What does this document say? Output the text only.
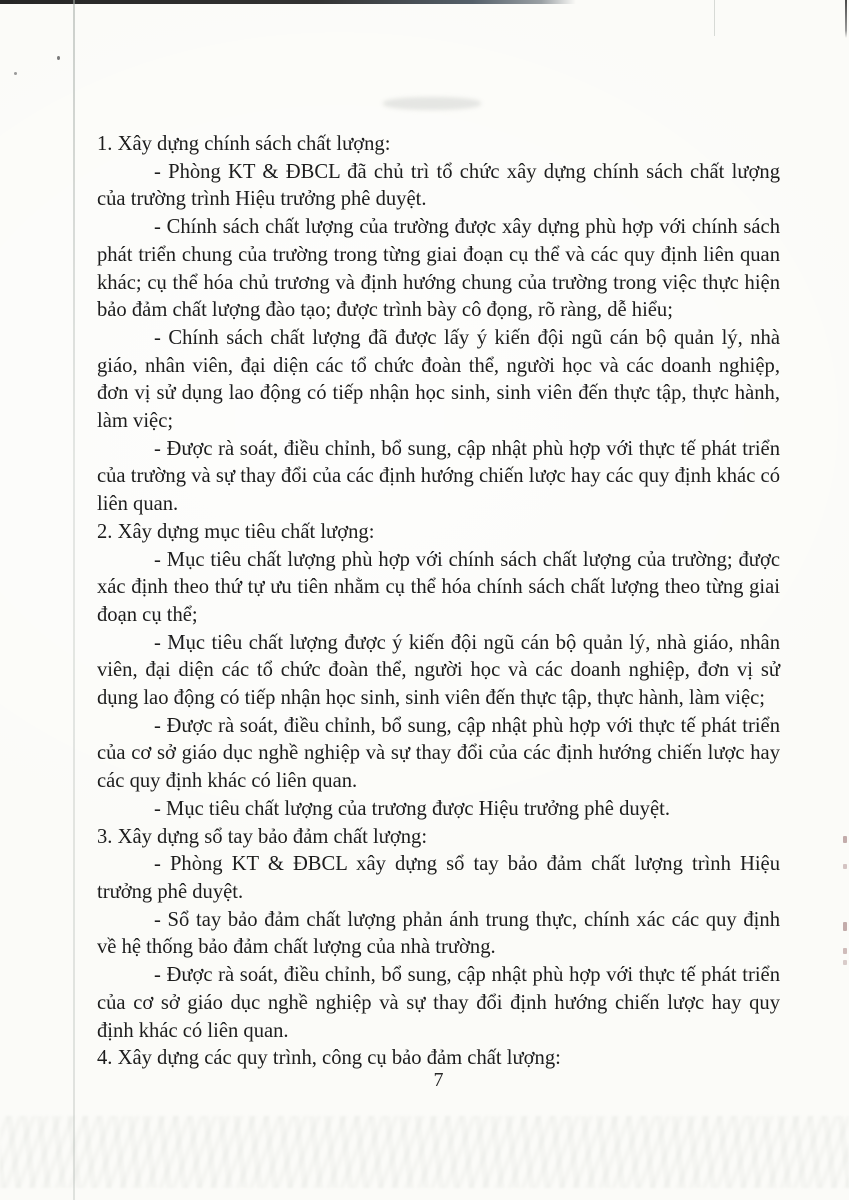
1. Xây dựng chính sách chất lượng:

- Phòng KT & ĐBCL đã chủ trì tổ chức xây dựng chính sách chất lượng của trường trình Hiệu trưởng phê duyệt.

- Chính sách chất lượng của trường được xây dựng phù hợp với chính sách phát triển chung của trường trong từng giai đoạn cụ thể và các quy định liên quan khác; cụ thể hóa chủ trương và định hướng chung của trường trong việc thực hiện bảo đảm chất lượng đào tạo; được trình bày cô đọng, rõ ràng, dễ hiểu;

- Chính sách chất lượng đã được lấy ý kiến đội ngũ cán bộ quản lý, nhà giáo, nhân viên, đại diện các tổ chức đoàn thể, người học và các doanh nghiệp, đơn vị sử dụng lao động có tiếp nhận học sinh, sinh viên đến thực tập, thực hành, làm việc;

- Được rà soát, điều chỉnh, bổ sung, cập nhật phù hợp với thực tế phát triển của trường và sự thay đổi của các định hướng chiến lược hay các quy định khác có liên quan.

2. Xây dựng mục tiêu chất lượng:

- Mục tiêu chất lượng phù hợp với chính sách chất lượng của trường; được xác định theo thứ tự ưu tiên nhằm cụ thể hóa chính sách chất lượng theo từng giai đoạn cụ thể;

- Mục tiêu chất lượng được ý kiến đội ngũ cán bộ quản lý, nhà giáo, nhân viên, đại diện các tổ chức đoàn thể, người học và các doanh nghiệp, đơn vị sử dụng lao động có tiếp nhận học sinh, sinh viên đến thực tập, thực hành, làm việc;

- Được rà soát, điều chỉnh, bổ sung, cập nhật phù hợp với thực tế phát triển của cơ sở giáo dục nghề nghiệp và sự thay đổi của các định hướng chiến lược hay các quy định khác có liên quan.

- Mục tiêu chất lượng của trương được Hiệu trưởng phê duyệt.

3. Xây dựng sổ tay bảo đảm chất lượng:

- Phòng KT & ĐBCL xây dựng sổ tay bảo đảm chất lượng trình Hiệu trưởng phê duyệt.

- Sổ tay bảo đảm chất lượng phản ánh trung thực, chính xác các quy định về hệ thống bảo đảm chất lượng của nhà trường.

- Được rà soát, điều chỉnh, bổ sung, cập nhật phù hợp với thực tế phát triển của cơ sở giáo dục nghề nghiệp và sự thay đổi định hướng chiến lược hay quy định khác có liên quan.

4. Xây dựng các quy trình, công cụ bảo đảm chất lượng:

7
